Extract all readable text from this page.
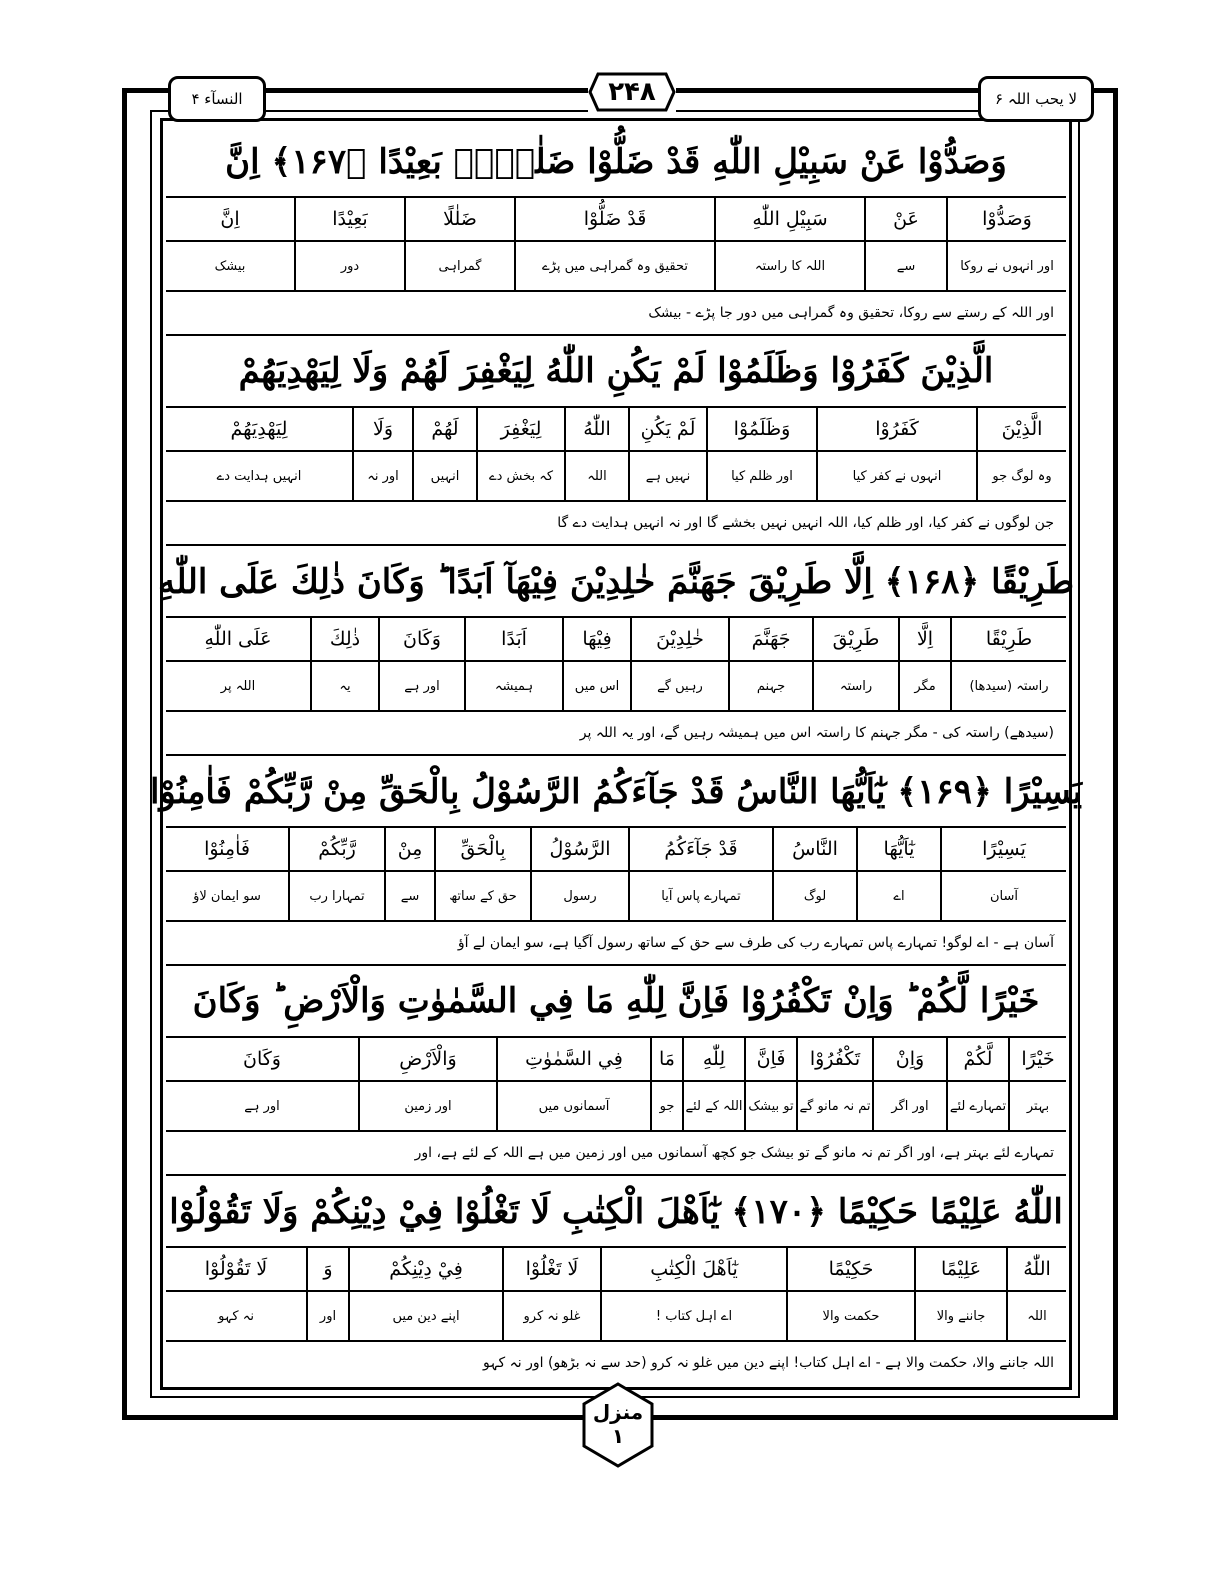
النسآء ۴	لا یحب اللہ ۶
۲۴۸
وَصَدُّوْا عَنْ سَبِيْلِ اللّٰهِ قَدْ ضَلُّوْا ضَلٰلًاۢ بَعِيْدًا ﴿۱۶۷﴾ اِنَّ
وَصَدُّوْا
عَنْ
سَبِيْلِ اللّٰهِ
قَدْ ضَلُّوْا
ضَلٰلًا
بَعِيْدًا
اِنَّ
اور انہوں نے روکا
سے
اللہ کا راستہ
تحقیق وہ گمراہی میں پڑے
گمراہی
دور
بیشک
اور اللہ کے رستے سے روکا، تحقیق وہ گمراہی میں دور جا پڑے - بیشک
الَّذِيْنَ كَفَرُوْا وَظَلَمُوْا لَمْ يَكُنِ اللّٰهُ لِيَغْفِرَ لَهُمْ وَلَا لِيَهْدِيَهُمْ
الَّذِيْنَ
كَفَرُوْا
وَظَلَمُوْا
لَمْ يَكُنِ
اللّٰهُ
لِيَغْفِرَ
لَهُمْ
وَلَا
لِيَهْدِيَهُمْ
وہ لوگ جو
انہوں نے کفر کیا
اور ظلم کیا
نہیں ہے
اللہ
کہ بخش دے
انہیں
اور نہ
انہیں ہدایت دے
جن لوگوں نے کفر کیا، اور ظلم کیا، اللہ انہیں نہیں بخشے گا اور نہ انہیں ہدایت دے گا
طَرِيْقًا ﴿۱۶۸﴾ اِلَّا طَرِيْقَ جَهَنَّمَ خٰلِدِيْنَ فِيْهَآ اَبَدًا ؕ وَكَانَ ذٰلِكَ عَلَى اللّٰهِ
طَرِيْقًا
اِلَّا
طَرِيْقَ
جَهَنَّمَ
خٰلِدِيْنَ
فِيْهَا
اَبَدًا
وَكَانَ
ذٰلِكَ
عَلَى اللّٰهِ
راستہ (سیدھا)
مگر
راستہ
جہنم
رہیں گے
اس میں
ہمیشہ
اور ہے
یہ
اللہ پر
(سیدھے) راستہ کی - مگر جہنم کا راستہ اس میں ہمیشہ رہیں گے، اور یہ اللہ پر
يَسِيْرًا ﴿۱۶۹﴾ يٰٓاَيُّهَا النَّاسُ قَدْ جَآءَكُمُ الرَّسُوْلُ بِالْحَقِّ مِنْ رَّبِّكُمْ فَاٰمِنُوْا
يَسِيْرًا
يٰٓاَيُّهَا
النَّاسُ
قَدْ جَآءَكُمُ
الرَّسُوْلُ
بِالْحَقِّ
مِنْ
رَّبِّكُمْ
فَاٰمِنُوْا
آسان
اے
لوگ
تمہارے پاس آیا
رسول
حق کے ساتھ
سے
تمہارا رب
سو ایمان لاؤ
آسان ہے - اے لوگو! تمہارے پاس تمہارے رب کی طرف سے حق کے ساتھ رسول آگیا ہے، سو ایمان لے آؤ
خَيْرًا لَّكُمْ ؕ وَاِنْ تَكْفُرُوْا فَاِنَّ لِلّٰهِ مَا فِي السَّمٰوٰتِ وَالْاَرْضِ ؕ وَكَانَ
خَيْرًا
لَّكُمْ
وَاِنْ
تَكْفُرُوْا
فَاِنَّ
لِلّٰهِ
مَا
فِي السَّمٰوٰتِ
وَالْاَرْضِ
وَكَانَ
بہتر
تمہارے لئے
اور اگر
تم نہ مانو گے
تو بیشک
اللہ کے لئے
جو
آسمانوں میں
اور زمین
اور ہے
تمہارے لئے بہتر ہے، اور اگر تم نہ مانو گے تو بیشک جو کچھ آسمانوں میں اور زمین میں ہے اللہ کے لئے ہے، اور
اللّٰهُ عَلِيْمًا حَكِيْمًا ﴿۱۷۰﴾ يٰٓاَهْلَ الْكِتٰبِ لَا تَغْلُوْا فِيْ دِيْنِكُمْ وَلَا تَقُوْلُوْا
اللّٰهُ
عَلِيْمًا
حَكِيْمًا
يٰٓاَهْلَ الْكِتٰبِ
لَا تَغْلُوْا
فِيْ دِيْنِكُمْ
وَ
لَا تَقُوْلُوْا
اللہ
جاننے والا
حکمت والا
اے اہل کتاب !
غلو نہ کرو
اپنے دین میں
اور
نہ کہو
اللہ جاننے والا، حکمت والا ہے - اے اہل کتاب! اپنے دین میں غلو نہ کرو (حد سے نہ بڑھو) اور نہ کہو
منزل
۱
